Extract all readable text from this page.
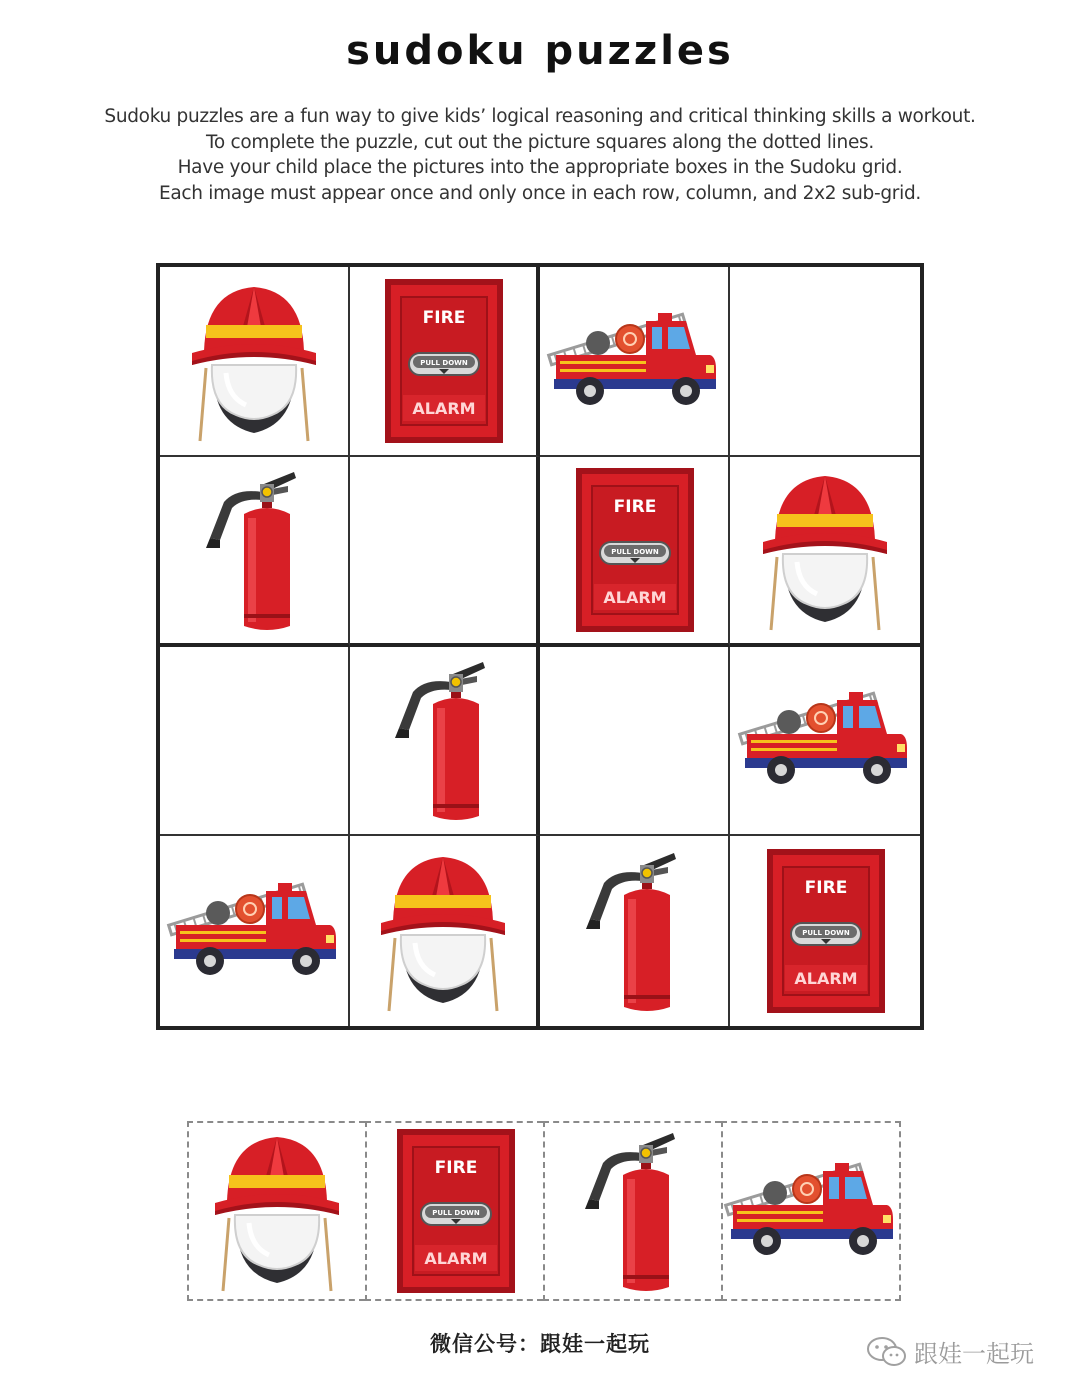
sudoku puzzles
Sudoku puzzles are a fun way to give kids’ logical reasoning and critical thinking skills a workout.
To complete the puzzle, cut out the picture squares along the dotted lines.
Have your child place the pictures into the appropriate boxes in the Sudoku grid.
Each image must appear once and only once in each row, column, and 2x2 sub-grid.
FIRE
PULL DOWN
ALARM
FIRE
PULL DOWN
ALARM
FIRE
PULL DOWN
ALARM
FIRE
PULL DOWN
ALARM
微信公号：跟娃一起玩	跟娃一起玩
